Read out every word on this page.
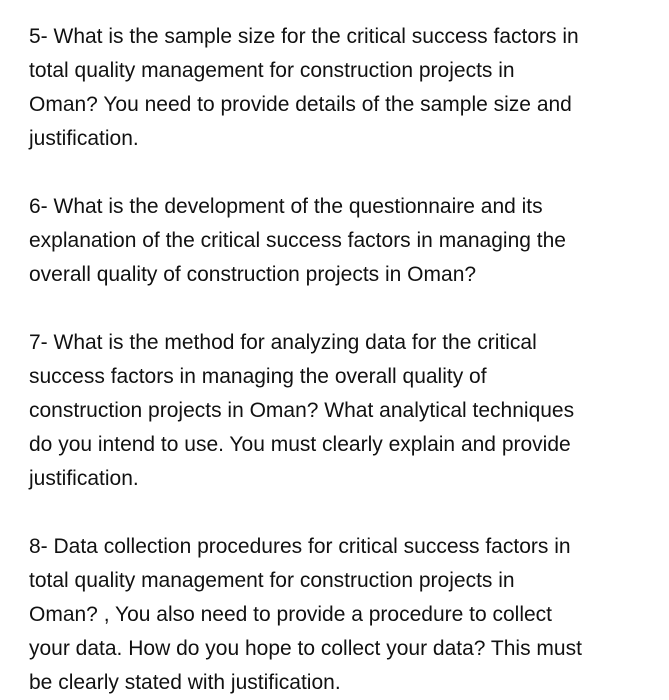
5- What is the sample size for the critical success factors in
total quality management for construction projects in
Oman? You need to provide details of the sample size and
justification.
6- What is the development of the questionnaire and its
explanation of the critical success factors in managing the
overall quality of construction projects in Oman?
7- What is the method for analyzing data for the critical
success factors in managing the overall quality of
construction projects in Oman? What analytical techniques
do you intend to use. You must clearly explain and provide
justification.
8- Data collection procedures for critical success factors in
total quality management for construction projects in
Oman? , You also need to provide a procedure to collect
your data. How do you hope to collect your data? This must
be clearly stated with justification.
